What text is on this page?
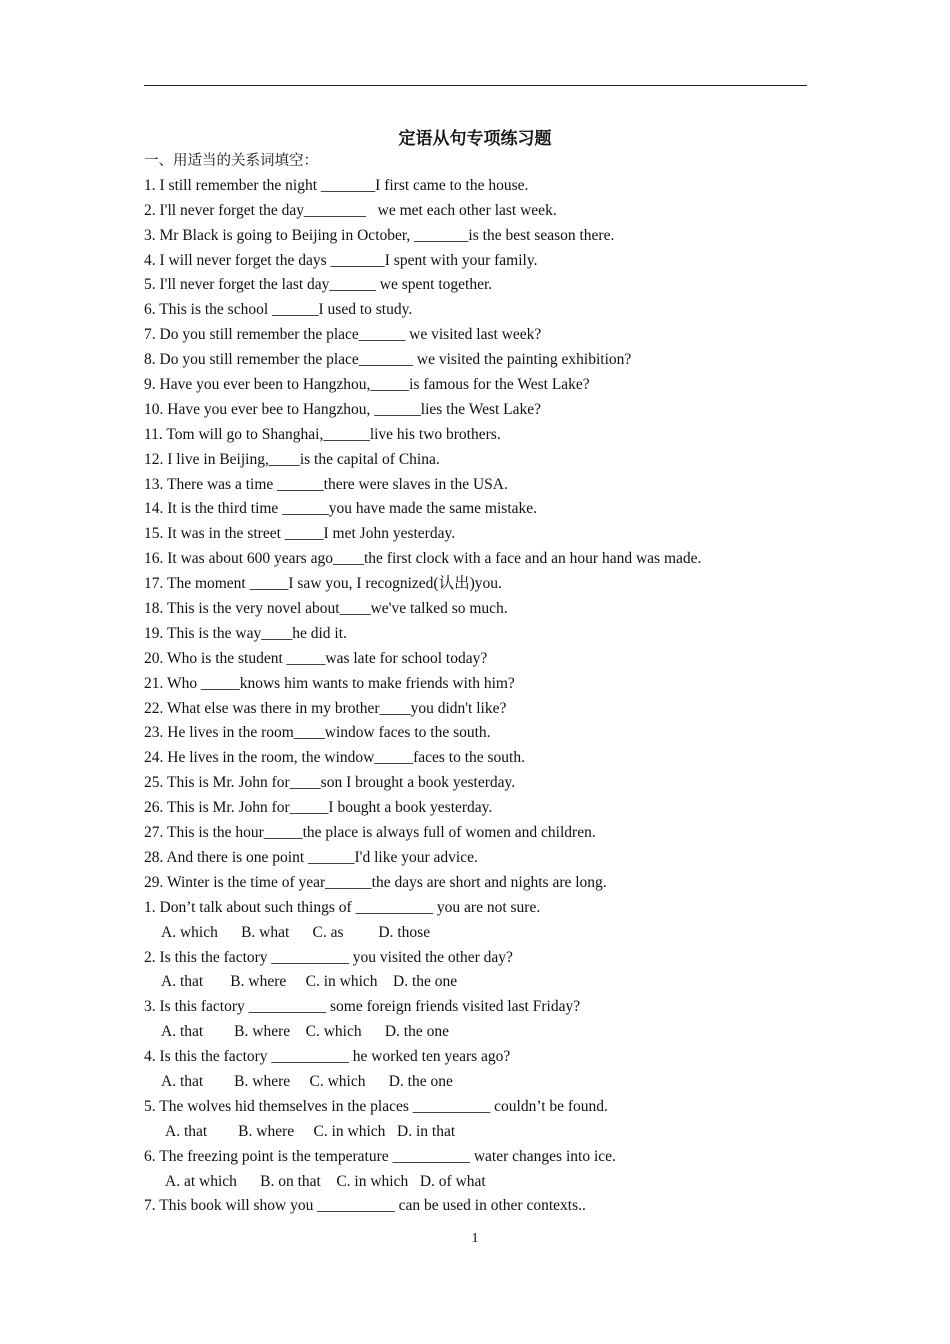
定语从句专项练习题
一、用适当的关系词填空：
1. I still remember the night _______I first came to the house.
2. I'll never forget the day________   we met each other last week.
3. Mr Black is going to Beijing in October, _______is the best season there.
4. I will never forget the days _______I spent with your family.
5. I'll never forget the last day______ we spent together.
6. This is the school ______I used to study.
7. Do you still remember the place______ we visited last week?
8. Do you still remember the place_______ we visited the painting exhibition?
9. Have you ever been to Hangzhou,_____is famous for the West Lake?
10. Have you ever bee to Hangzhou, ______lies the West Lake?
11. Tom will go to Shanghai,______live his two brothers.
12. I live in Beijing,____is the capital of China.
13. There was a time ______there were slaves in the USA.
14. It is the third time ______you have made the same mistake.
15. It was in the street _____I met John yesterday.
16. It was about 600 years ago____the first clock with a face and an hour hand was made.
17. The moment _____I saw you, I recognized(认出)you.
18. This is the very novel about____we've talked so much.
19. This is the way____he did it.
20. Who is the student _____was late for school today?
21. Who _____knows him wants to make friends with him?
22. What else was there in my brother____you didn't like?
23. He lives in the room____window faces to the south.
24. He lives in the room, the window_____faces to the south.
25. This is Mr. John for____son I brought a book yesterday.
26. This is Mr. John for_____I bought a book yesterday.
27. This is the hour_____the place is always full of women and children.
28. And there is one point ______I'd like your advice.
29. Winter is the time of year______the days are short and nights are long.
1. Don’t talk about such things of __________ you are not sure.
A. which      B. what      C. as         D. those
2. Is this the factory __________ you visited the other day?
A. that       B. where     C. in which    D. the one
3. Is this factory __________ some foreign friends visited last Friday?
A. that        B. where    C. which      D. the one
4. Is this the factory __________ he worked ten years ago?
A. that        B. where     C. which      D. the one
5. The wolves hid themselves in the places __________ couldn’t be found.
A. that        B. where     C. in which   D. in that
6. The freezing point is the temperature __________ water changes into ice.
A. at which      B. on that    C. in which   D. of what
7. This book will show you __________ can be used in other contexts..
1
